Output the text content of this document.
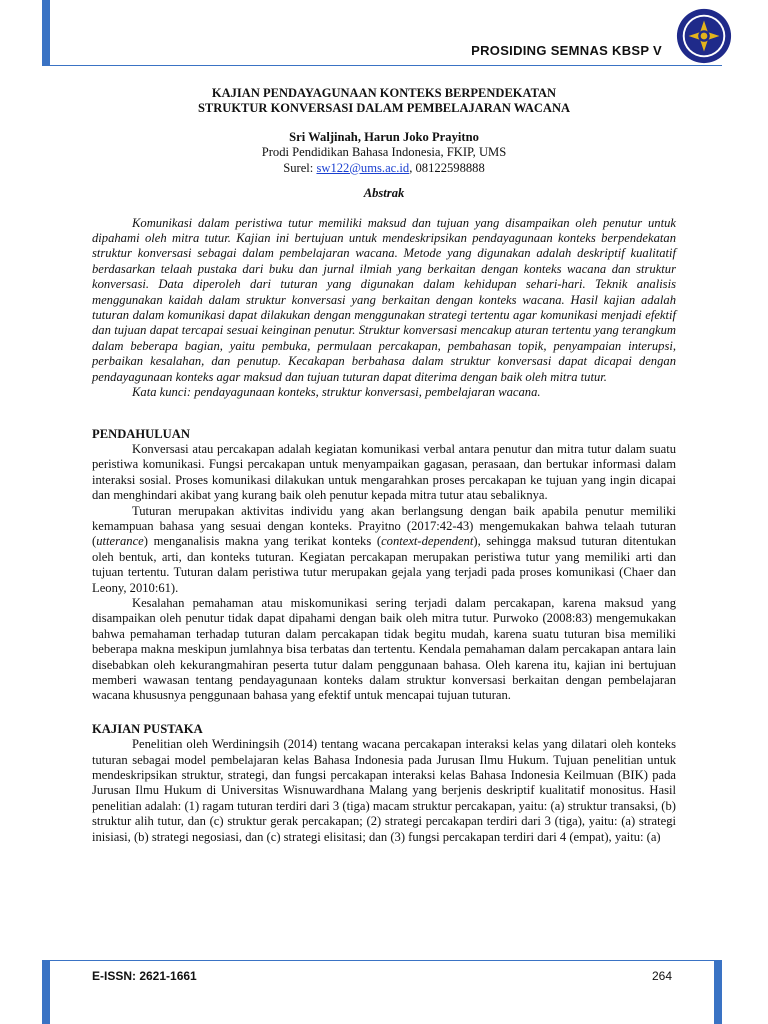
PROSIDING SEMNAS KBSP V

KAJIAN PENDAYAGUNAAN KONTEKS BERPENDEKATAN

STRUKTUR KONVERSASI DALAM PEMBELAJARAN WACANA

Sri Waljinah, Harun Joko Prayitno
Prodi Pendidikan Bahasa Indonesia, FKIP, UMS
Surel: sw122@ums.ac.id, 08122598888
Abstrak

Komunikasi dalam peristiwa tutur memiliki maksud dan tujuan yang disampaikan oleh penutur untuk dipahami oleh mitra tutur. Kajian ini bertujuan untuk mendeskripsikan pendayagunaan konteks berpendekatan struktur konversasi sebagai dalam pembelajaran wacana. Metode yang digunakan adalah deskriptif kualitatif berdasarkan telaah pustaka dari buku dan jurnal ilmiah yang berkaitan dengan konteks wacana dan struktur konversasi. Data diperoleh dari tuturan yang digunakan dalam kehidupan sehari-hari. Teknik analisis menggunakan kaidah dalam struktur konversasi yang berkaitan dengan konteks wacana. Hasil kajian adalah tuturan dalam komunikasi dapat dilakukan dengan menggunakan strategi tertentu agar komunikasi menjadi efektif dan tujuan dapat tercapai sesuai keinginan penutur. Struktur konversasi mencakup aturan tertentu yang terangkum dalam beberapa bagian, yaitu pembuka, permulaan percakapan, pembahasan topik, penyampaian interupsi, perbaikan kesalahan, dan penutup. Kecakapan berbahasa dalam struktur konversasi dapat dicapai dengan pendayagunaan konteks agar maksud dan tujuan tuturan dapat diterima dengan baik oleh mitra tutur.

Kata kunci: pendayagunaan konteks, struktur konversasi, pembelajaran wacana.

PENDAHULUAN

Konversasi atau percakapan adalah kegiatan komunikasi verbal antara penutur dan mitra tutur dalam suatu peristiwa komunikasi. Fungsi percakapan untuk menyampaikan gagasan, perasaan, dan bertukar informasi dalam interaksi sosial. Proses komunikasi dilakukan untuk mengarahkan proses percakapan ke tujuan yang ingin dicapai dan menghindari akibat yang kurang baik oleh penutur kepada mitra tutur atau sebaliknya.

Tuturan merupakan aktivitas individu yang akan berlangsung dengan baik apabila penutur memiliki kemampuan bahasa yang sesuai dengan konteks. Prayitno (2017:42-43) mengemukakan bahwa telaah tuturan (utterance) menganalisis makna yang terikat konteks (context-dependent), sehingga maksud tuturan ditentukan oleh bentuk, arti, dan konteks tuturan. Kegiatan percakapan merupakan peristiwa tutur yang memiliki arti dan tujuan tertentu. Tuturan dalam peristiwa tutur merupakan gejala yang terjadi pada proses komunikasi (Chaer dan Leony, 2010:61).

Kesalahan pemahaman atau miskomunikasi sering terjadi dalam percakapan, karena maksud yang disampaikan oleh penutur tidak dapat dipahami dengan baik oleh mitra tutur. Purwoko (2008:83) mengemukakan bahwa pemahaman terhadap tuturan dalam percakapan tidak begitu mudah, karena suatu tuturan bisa memiliki beberapa makna meskipun jumlahnya bisa terbatas dan tertentu. Kendala pemahaman dalam percakapan antara lain disebabkan oleh kekurangmahiran peserta tutur dalam penggunaan bahasa. Oleh karena itu, kajian ini bertujuan memberi wawasan tentang pendayagunaan konteks dalam struktur konversasi berkaitan dengan pembelajaran wacana khususnya penggunaan bahasa yang efektif untuk mencapai tujuan tuturan.

KAJIAN PUSTAKA

Penelitian oleh Werdiningsih (2014) tentang wacana percakapan interaksi kelas yang dilatari oleh konteks tuturan sebagai model pembelajaran kelas Bahasa Indonesia pada Jurusan Ilmu Hukum. Tujuan penelitian untuk mendeskripsikan struktur, strategi, dan fungsi percakapan interaksi kelas Bahasa Indonesia Keilmuan (BIK) pada Jurusan Ilmu Hukum di Universitas Wisnuwardhana Malang yang berjenis deskriptif kualitatif monositus. Hasil penelitian adalah: (1) ragam tuturan terdiri dari 3 (tiga) macam struktur percakapan, yaitu: (a) struktur transaksi, (b) struktur alih tutur, dan (c) struktur gerak percakapan; (2) strategi percakapan terdiri dari 3 (tiga), yaitu: (a) strategi inisiasi, (b) strategi negosiasi, dan (c) strategi elisitasi; dan (3) fungsi percakapan terdiri dari 4 (empat), yaitu: (a)

E-ISSN: 2621-1661	264
